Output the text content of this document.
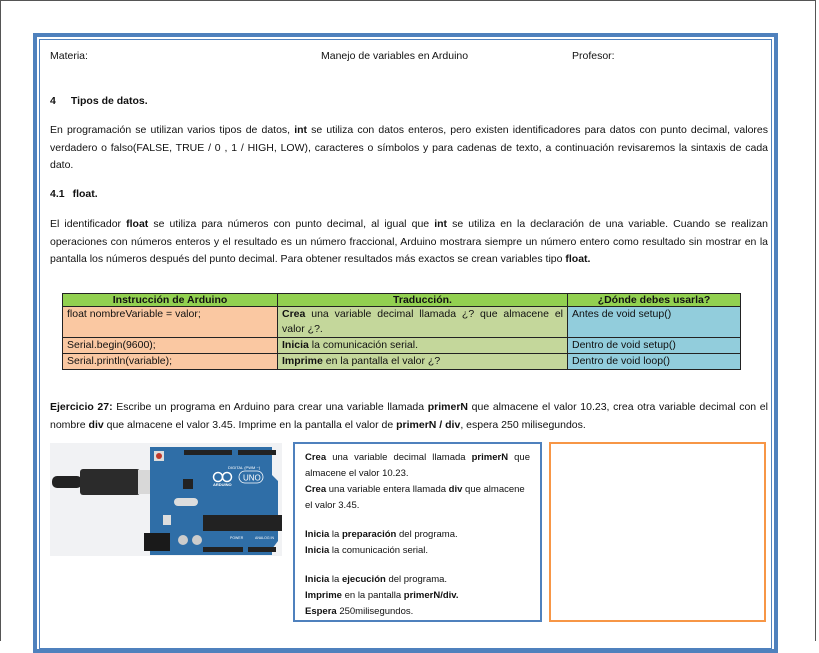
Materia:	Manejo de variables en Arduino	Profesor:
4 Tipos de datos.

En programación se utilizan varios tipos de datos, int se utiliza con datos enteros, pero existen identificadores para datos con punto decimal, valores verdadero o falso(FALSE, TRUE / 0 , 1 / HIGH, LOW), caracteres o símbolos y para cadenas de texto, a continuación revisaremos la sintaxis de cada dato.

4.1 float.

El identificador float se utiliza para números con punto decimal, al igual que int se utiliza en la declaración de una variable. Cuando se realizan operaciones con números enteros y el resultado es un número fraccional, Arduino mostrara siempre un número entero como resultado sin mostrar en la pantalla los números después del punto decimal. Para obtener resultados más exactos se crean variables tipo float.

Instrucción de Arduino	Traducción.	¿Dónde debes usarla?
float nombreVariable = valor;	Crea una variable decimal llamada ¿? que almacene el valor ¿?.	Antes de void setup()
Serial.begin(9600);	Inicia la comunicación serial.	Dentro de void setup()
Serial.println(variable);	Imprime en la pantalla el valor ¿?	Dentro de void loop()

Ejercicio 27: Escribe un programa en Arduino para crear una variable llamada primerN que almacene el valor 10.23, crea otra variable decimal con el nombre div que almacene el valor 3.45. Imprime en la pantalla el valor de primerN / div, espera 250 milisegundos.

DIGITAL (PWM ~)
ARDUINO
UNO
POWER	ANALOG IN
Crea una variable decimal llamada primerN que almacene el valor 10.23.
Crea una variable entera llamada div que almacene el valor 3.45.
Inicia la preparación del programa.
Inicia la comunicación serial.
Inicia la ejecución del programa.
Imprime en la pantalla primerN/div.
Espera 250milisegundos.
